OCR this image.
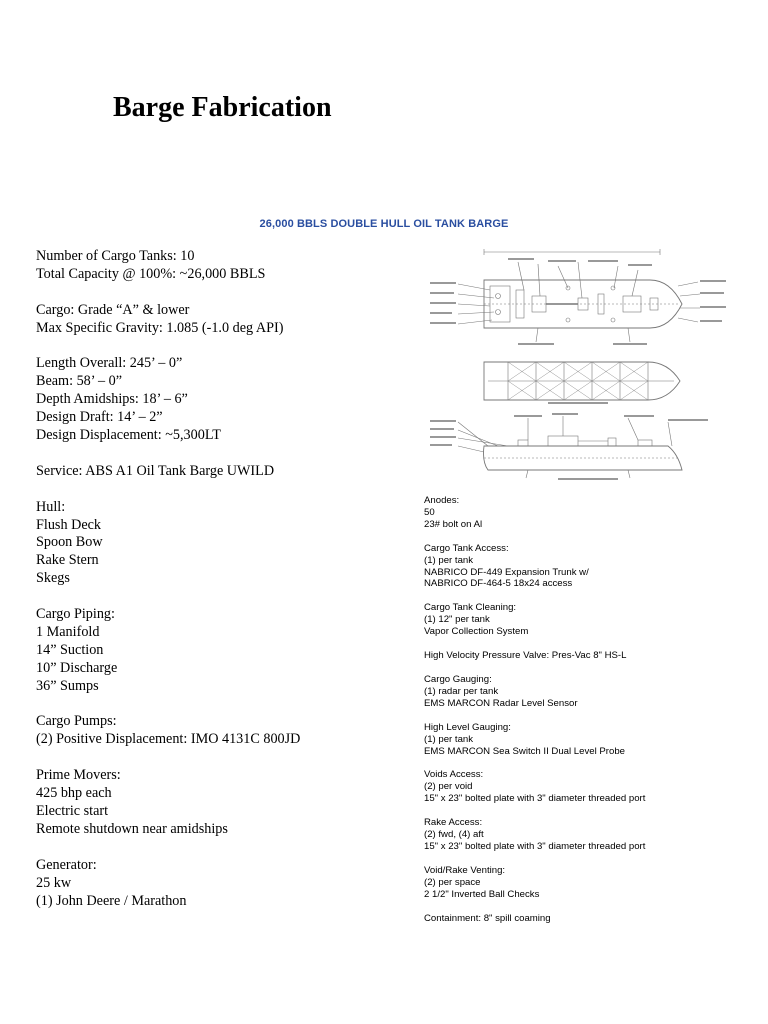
Barge Fabrication
26,000 BBLS DOUBLE HULL OIL TANK BARGE
Number of Cargo Tanks: 10
Total Capacity @ 100%: ~26,000 BBLS
Cargo: Grade “A” & lower
Max Specific Gravity: 1.085 (-1.0 deg API)
Length Overall: 245’ – 0”
Beam: 58’ – 0”
Depth Amidships: 18’ – 6”
Design Draft: 14’ – 2”
Design Displacement: ~5,300LT
Service: ABS A1 Oil Tank Barge UWILD
Hull:
Flush Deck
Spoon Bow
Rake Stern
Skegs
Cargo Piping:
1 Manifold
14” Suction
10” Discharge
36” Sumps
Cargo Pumps:
(2) Positive Displacement: IMO 4131C 800JD
Prime Movers:
425 bhp each
Electric start
Remote shutdown near amidships
Generator:
25 kw
(1) John Deere / Marathon
Anodes:
50
23# bolt on Al
Cargo Tank Access:
(1) per tank
NABRICO DF-449 Expansion Trunk w/
NABRICO DF-464-5 18x24 access
Cargo Tank Cleaning:
(1) 12" per tank
Vapor Collection System
High Velocity Pressure Valve: Pres-Vac 8" HS-L
Cargo Gauging:
(1) radar per tank
EMS MARCON Radar Level Sensor
High Level Gauging:
(1) per tank
EMS MARCON Sea Switch II Dual Level Probe
Voids Access:
(2) per void
15" x 23" bolted plate with 3" diameter threaded port
Rake Access:
(2) fwd, (4) aft
15" x 23" bolted plate with 3" diameter threaded port
Void/Rake Venting:
(2) per space
2 1/2" Inverted Ball Checks
Containment: 8" spill coaming
